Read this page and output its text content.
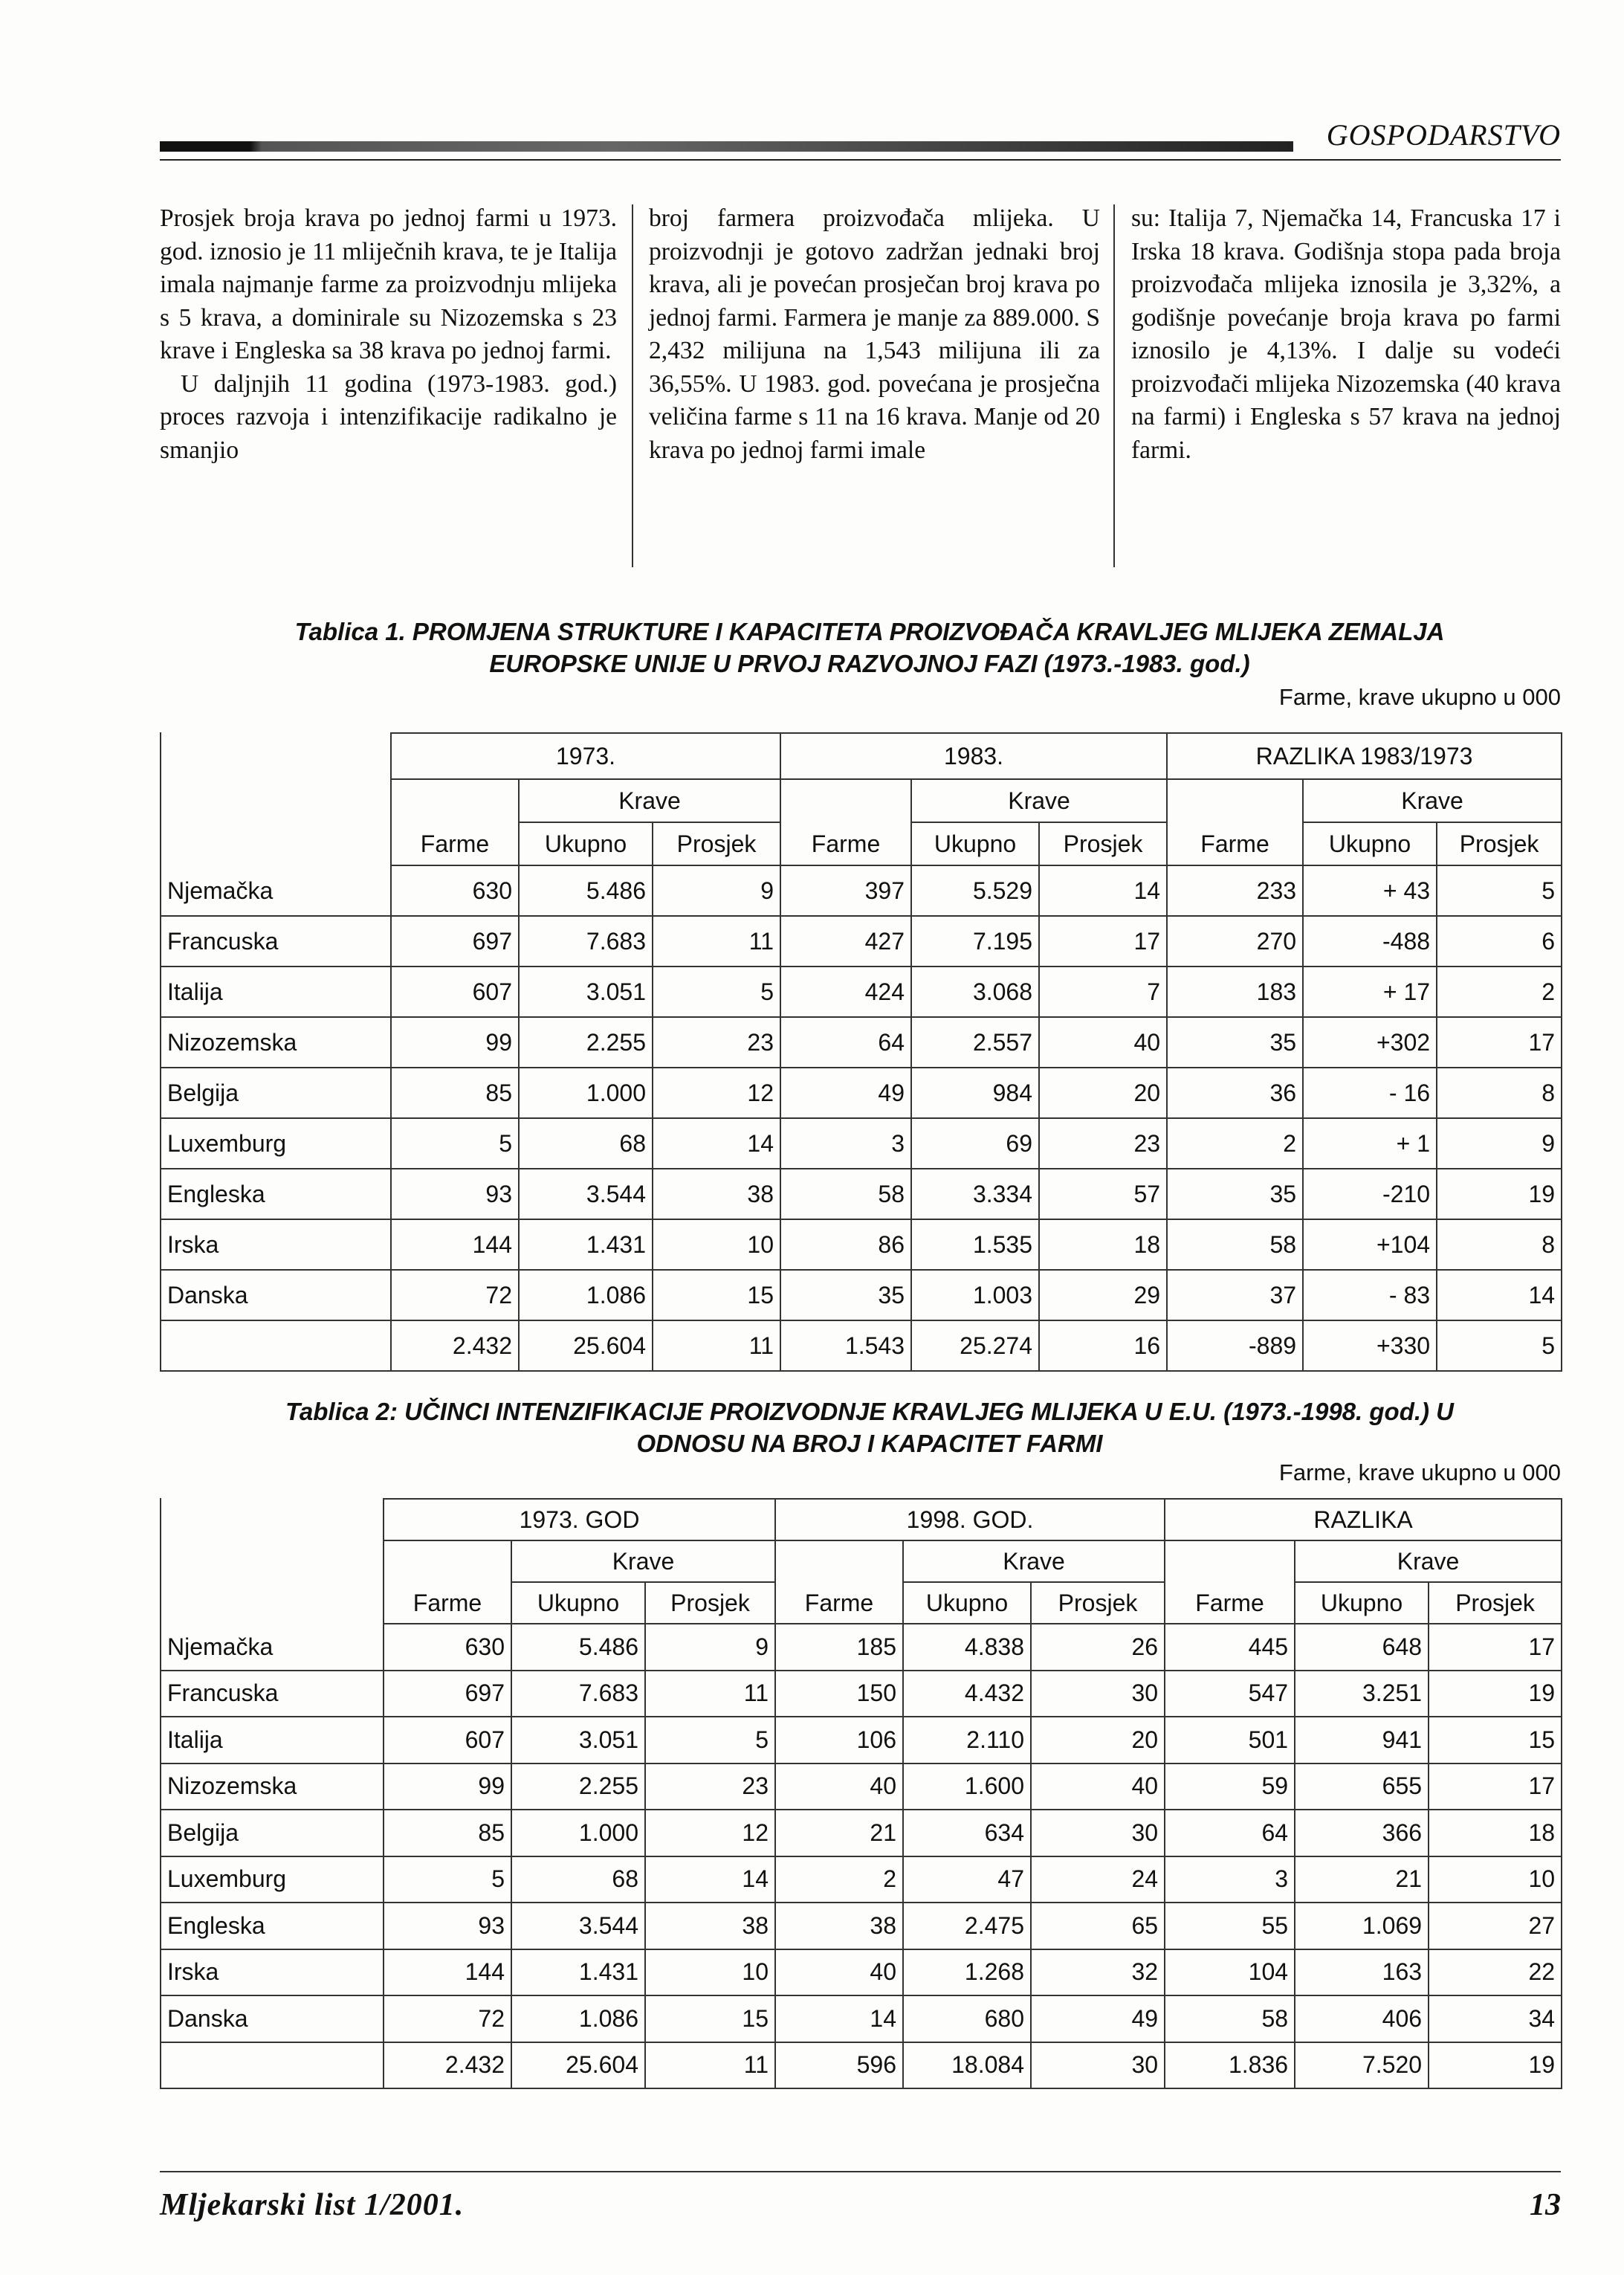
GOSPODARSTVO

Prosjek broja krava po jednoj farmi u 1973. god. iznosio je 11 mliječnih krava, te je Italija imala najmanje farme za proizvodnju mlijeka s 5 krava, a dominirale su Nizozemska s 23 krave i Engleska sa 38 krava po jednoj farmi.

U daljnjih 11 godina (1973-1983. god.) proces razvoja i intenzifikacije radikalno je smanjio

broj farmera proizvođača mlijeka. U proizvodnji je gotovo zadržan jednaki broj krava, ali je povećan prosječan broj krava po jednoj farmi. Farmera je manje za 889.000. S 2,432 milijuna na 1,543 milijuna ili za 36,55%. U 1983. god. povećana je prosječna veličina farme s 11 na 16 krava. Manje od 20 krava po jednoj farmi imale

su: Italija 7, Njemačka 14, Francuska 17 i Irska 18 krava. Godišnja stopa pada broja proizvođača mlijeka iznosila je 3,32%, a godišnje povećanje broja krava po farmi iznosilo je 4,13%. I dalje su vodeći proizvođači mlijeka Nizozemska (40 krava na farmi) i Engleska s 57 krava na jednoj farmi.

Tablica 1. PROMJENA STRUKTURE I KAPACITETA PROIZVOĐAČA KRAVLJEG MLIJEKA ZEMALJA
EUROPSKE UNIJE U PRVOJ RAZVOJNOJ FAZI (1973.-1983. god.)
Farme, krave ukupno u 000
	1973.			1983.			RAZLIKA 1983/1973		
		Krave			Krave			Krave	
	Farme	Ukupno	Prosjek	Farme	Ukupno	Prosjek	Farme	Ukupno	Prosjek
Njemačka	630	5.486	9	397	5.529	14	233	+ 43	5
Francuska	697	7.683	11	427	7.195	17	270	-488	6
Italija	607	3.051	5	424	3.068	7	183	+ 17	2
Nizozemska	99	2.255	23	64	2.557	40	35	+302	17
Belgija	85	1.000	12	49	984	20	36	- 16	8
Luxemburg	5	68	14	3	69	23	2	+ 1	9
Engleska	93	3.544	38	58	3.334	57	35	-210	19
Irska	144	1.431	10	86	1.535	18	58	+104	8
Danska	72	1.086	15	35	1.003	29	37	- 83	14
	2.432	25.604	11	1.543	25.274	16	-889	+330	5
Tablica 2: UČINCI INTENZIFIKACIJE PROIZVODNJE KRAVLJEG MLIJEKA U E.U. (1973.-1998. god.) U
ODNOSU NA BROJ I KAPACITET FARMI
Farme, krave ukupno u 000
	1973. GOD			1998. GOD.			RAZLIKA		
		Krave			Krave			Krave	
	Farme	Ukupno	Prosjek	Farme	Ukupno	Prosjek	Farme	Ukupno	Prosjek
Njemačka	630	5.486	9	185	4.838	26	445	648	17
Francuska	697	7.683	11	150	4.432	30	547	3.251	19
Italija	607	3.051	5	106	2.110	20	501	941	15
Nizozemska	99	2.255	23	40	1.600	40	59	655	17
Belgija	85	1.000	12	21	634	30	64	366	18
Luxemburg	5	68	14	2	47	24	3	21	10
Engleska	93	3.544	38	38	2.475	65	55	1.069	27
Irska	144	1.431	10	40	1.268	32	104	163	22
Danska	72	1.086	15	14	680	49	58	406	34
	2.432	25.604	11	596	18.084	30	1.836	7.520	19
Mljekarski list 1/2001.	13
